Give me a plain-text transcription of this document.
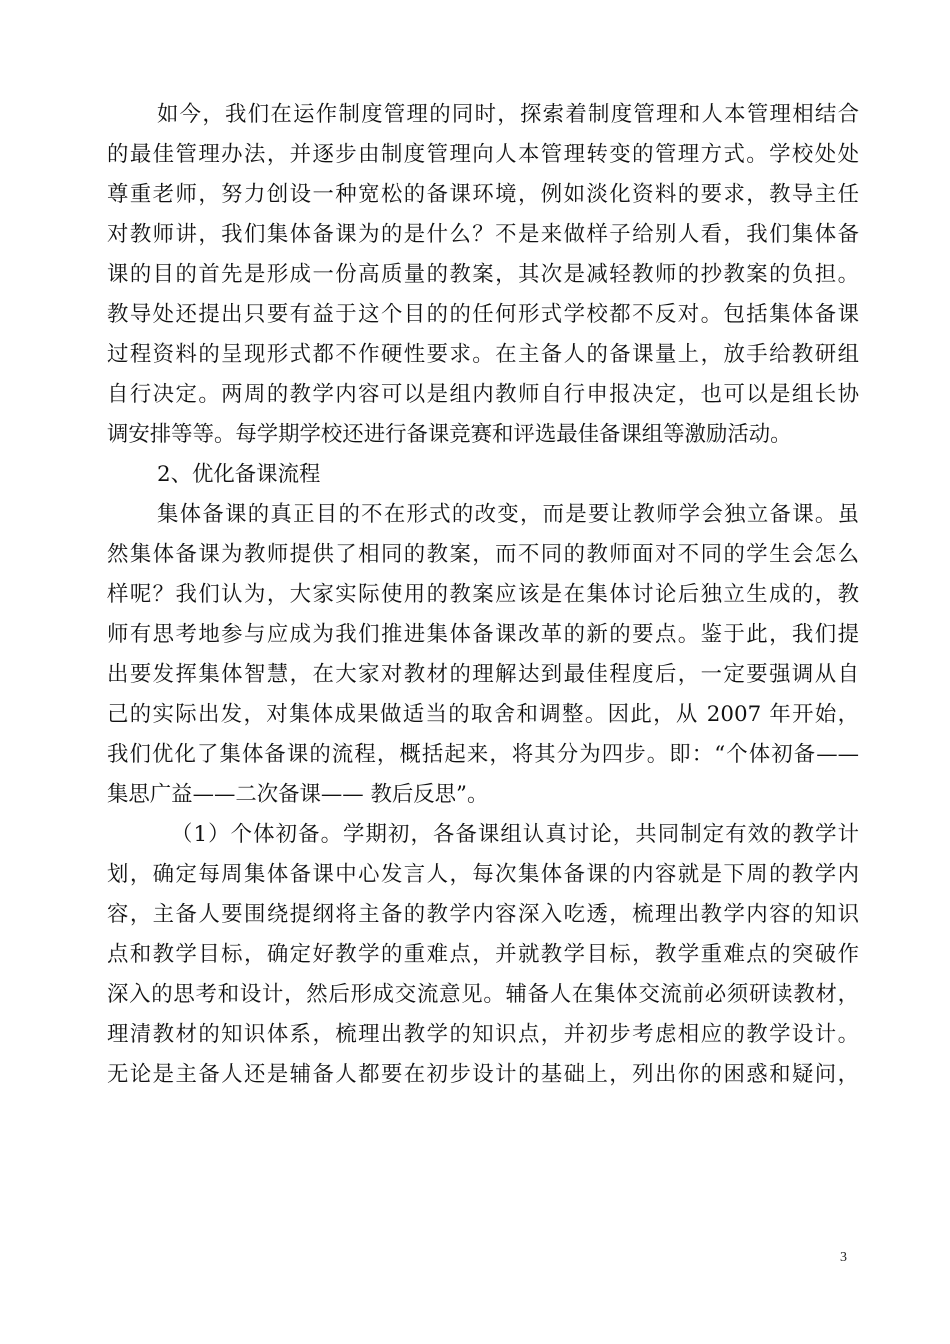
如今，我们在运作制度管理的同时，探索着制度管理和人本管理相结合
的最佳管理办法，并逐步由制度管理向人本管理转变的管理方式。学校处处
尊重老师，努力创设一种宽松的备课环境，例如淡化资料的要求，教导主任
对教师讲，我们集体备课为的是什么？不是来做样子给别人看，我们集体备
课的目的首先是形成一份高质量的教案，其次是减轻教师的抄教案的负担。
教导处还提出只要有益于这个目的的任何形式学校都不反对。包括集体备课
过程资料的呈现形式都不作硬性要求。在主备人的备课量上，放手给教研组
自行决定。两周的教学内容可以是组内教师自行申报决定，也可以是组长协
调安排等等。每学期学校还进行备课竞赛和评选最佳备课组等激励活动。
2、优化备课流程
集体备课的真正目的不在形式的改变，而是要让教师学会独立备课。虽
然集体备课为教师提供了相同的教案，而不同的教师面对不同的学生会怎么
样呢？我们认为，大家实际使用的教案应该是在集体讨论后独立生成的，教
师有思考地参与应成为我们推进集体备课改革的新的要点。鉴于此，我们提
出要发挥集体智慧，在大家对教材的理解达到最佳程度后，一定要强调从自
己的实际出发，对集体成果做适当的取舍和调整。因此，从 2007 年开始，
我们优化了集体备课的流程，概括起来，将其分为四步。即：“个体初备——
集思广益——二次备课—— 教后反思”。
（1）个体初备。学期初，各备课组认真讨论，共同制定有效的教学计
划，确定每周集体备课中心发言人，每次集体备课的内容就是下周的教学内
容，主备人要围绕提纲将主备的教学内容深入吃透，梳理出教学内容的知识
点和教学目标，确定好教学的重难点，并就教学目标，教学重难点的突破作
深入的思考和设计，然后形成交流意见。辅备人在集体交流前必须研读教材，
理清教材的知识体系，梳理出教学的知识点，并初步考虑相应的教学设计。
无论是主备人还是辅备人都要在初步设计的基础上，列出你的困惑和疑问，
3
